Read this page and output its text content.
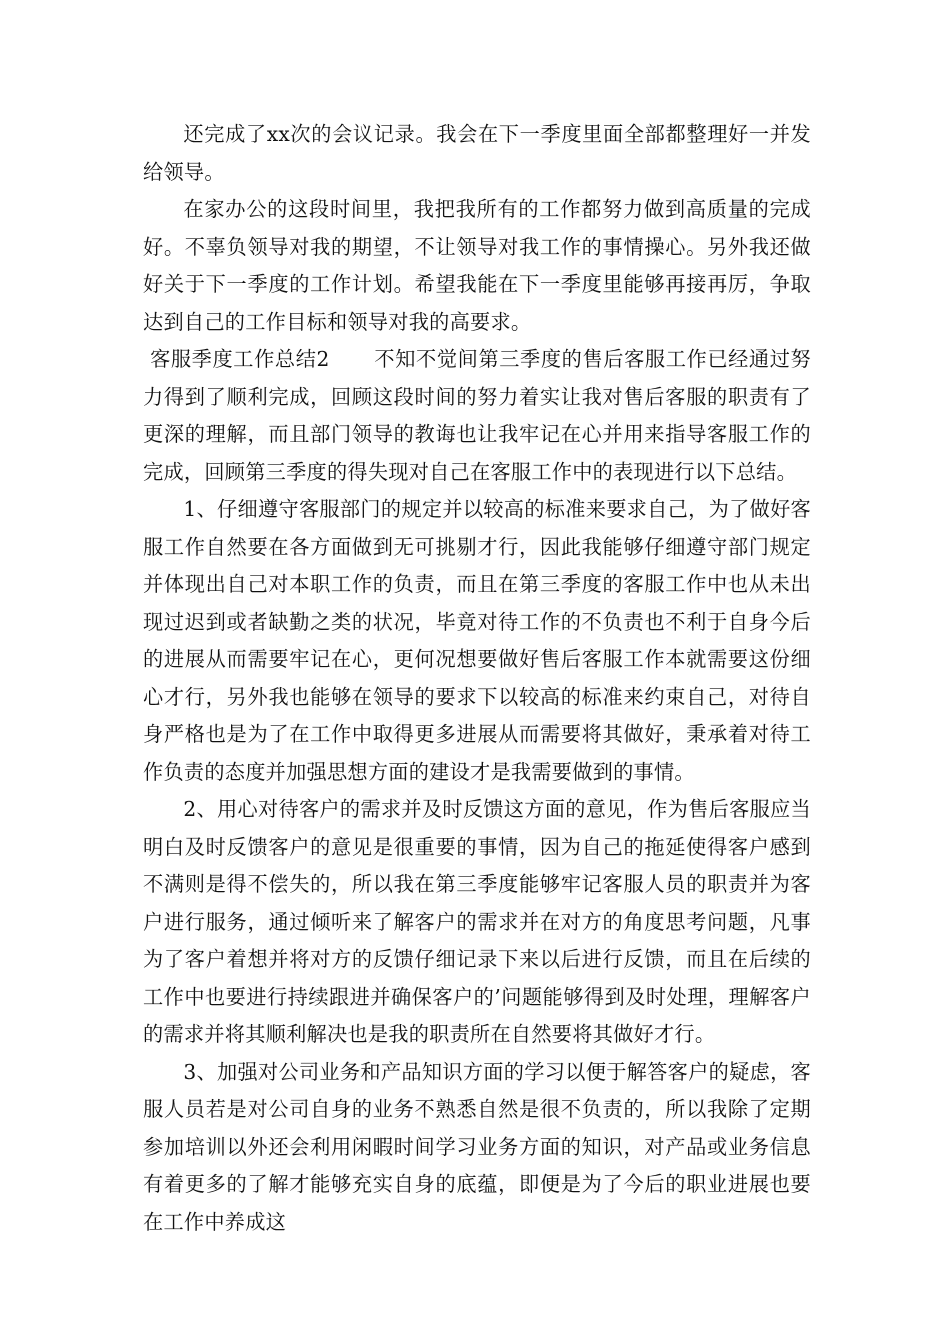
还完成了xx次的会议记录。我会在下一季度里面全部都整理好一并发给领导。

在家办公的这段时间里，我把我所有的工作都努力做到高质量的完成好。不辜负领导对我的期望，不让领导对我工作的事情操心。另外我还做好关于下一季度的工作计划。希望我能在下一季度里能够再接再厉，争取达到自己的工作目标和领导对我的高要求。

客服季度工作总结2 不知不觉间第三季度的售后客服工作已经通过努力得到了顺利完成，回顾这段时间的努力着实让我对售后客服的职责有了更深的理解，而且部门领导的教诲也让我牢记在心并用来指导客服工作的完成，回顾第三季度的得失现对自己在客服工作中的表现进行以下总结。

1、仔细遵守客服部门的规定并以较高的标准来要求自己，为了做好客服工作自然要在各方面做到无可挑剔才行，因此我能够仔细遵守部门规定并体现出自己对本职工作的负责，而且在第三季度的客服工作中也从未出现过迟到或者缺勤之类的状况，毕竟对待工作的不负责也不利于自身今后的进展从而需要牢记在心，更何况想要做好售后客服工作本就需要这份细心才行，另外我也能够在领导的要求下以较高的标准来约束自己，对待自身严格也是为了在工作中取得更多进展从而需要将其做好，秉承着对待工作负责的态度并加强思想方面的建设才是我需要做到的事情。

2、用心对待客户的需求并及时反馈这方面的意见，作为售后客服应当明白及时反馈客户的意见是很重要的事情，因为自己的拖延使得客户感到不满则是得不偿失的，所以我在第三季度能够牢记客服人员的职责并为客户进行服务，通过倾听来了解客户的需求并在对方的角度思考问题，凡事为了客户着想并将对方的反馈仔细记录下来以后进行反馈，而且在后续的工作中也要进行持续跟进并确保客户的’问题能够得到及时处理，理解客户的需求并将其顺利解决也是我的职责所在自然要将其做好才行。

3、加强对公司业务和产品知识方面的学习以便于解答客户的疑虑，客服人员若是对公司自身的业务不熟悉自然是很不负责的，所以我除了定期参加培训以外还会利用闲暇时间学习业务方面的知识，对产品或业务信息有着更多的了解才能够充实自身的底蕴，即便是为了今后的职业进展也要在工作中养成这
